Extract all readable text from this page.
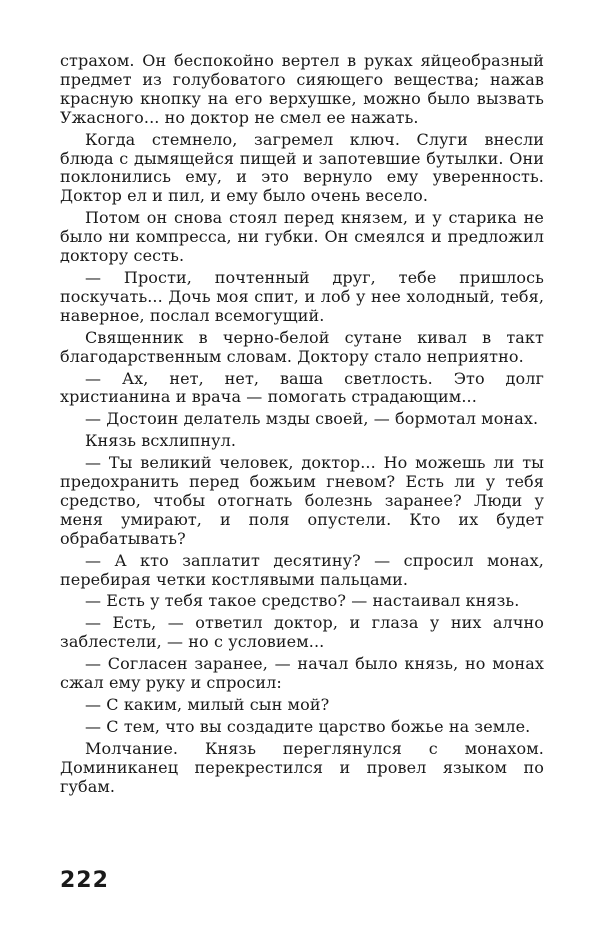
страхом. Он беспокойно вертел в руках яйцеобразный предмет из голубоватого сияющего вещества; нажав красную кнопку на его верхушке, можно было вызвать Ужасного... но доктор не смел ее нажать.

Когда стемнело, загремел ключ. Слуги внесли блюда с дымящейся пищей и запотевшие бутылки. Они поклонились ему, и это вернуло ему уверенность. Доктор ел и пил, и ему было очень весело.

Потом он снова стоял перед князем, и у старика не было ни компресса, ни губки. Он смеялся и предложил доктору сесть.

— Прости, почтенный друг, тебе пришлось поскучать... Дочь моя спит, и лоб у нее холодный, тебя, наверное, послал всемогущий.

Священник в черно-белой сутане кивал в такт благодарственным словам. Доктору стало неприятно.

— Ах, нет, нет, ваша светлость. Это долг христианина и врача — помогать страдающим...

— Достоин делатель мзды своей, — бормотал монах.

Князь всхлипнул.

— Ты великий человек, доктор... Но можешь ли ты предохранить перед божьим гневом? Есть ли у тебя средство, чтобы отогнать болезнь заранее? Люди у меня умирают, и поля опустели. Кто их будет обрабатывать?

— А кто заплатит десятину? — спросил монах, перебирая четки костлявыми пальцами.

— Есть у тебя такое средство? — настаивал князь.

— Есть, — ответил доктор, и глаза у них алчно заблестели, — но с условием...

— Согласен заранее, — начал было князь, но монах сжал ему руку и спросил:

— С каким, милый сын мой?

— С тем, что вы создадите царство божье на земле.

Молчание. Князь переглянулся с монахом. Доминиканец перекрестился и провел языком по губам.

222
